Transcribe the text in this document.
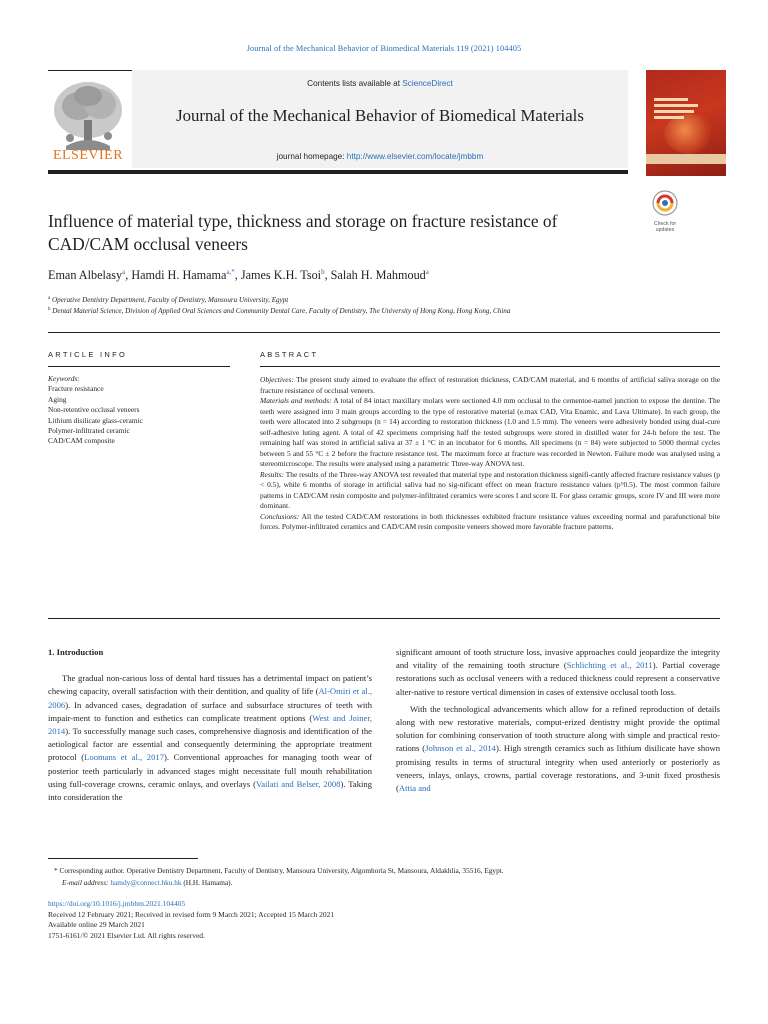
Journal of the Mechanical Behavior of Biomedical Materials 119 (2021) 104405
ELSEVIER
Contents lists available at ScienceDirect
Journal of the Mechanical Behavior of Biomedical Materials
journal homepage: http://www.elsevier.com/locate/jmbbm
Influence of material type, thickness and storage on fracture resistance of
CAD/CAM occlusal veneers
Check for
updates
Eman Albelasy$^a$, Hamdi H. Hamama$^{a,*}$, James K.H. Tsoi$^b$, Salah H. Mahmoud$^a$
$^a$ Operative Dentistry Department, Faculty of Dentistry, Mansoura University, Egypt
$^b$ Dental Material Science, Division of Applied Oral Sciences and Community Dental Care, Faculty of Dentistry, The University of Hong Kong, Hong Kong, China
ARTICLE INFO	ABSTRACT
Keywords:
Fracture resistance
Aging
Non-retentive occlusal veneers
Lithium disilicate glass-ceramic
Polymer-infiltrated ceramic
CAD/CAM composite
Objectives: The present study aimed to evaluate the effect of restoration thickness, CAD/CAM material, and 6 months of artificial saliva storage on the fracture resistance of occlusal veneers.
Materials and methods: A total of 84 intact maxillary molars were sectioned 4.0 mm occlusal to the cementoe-namel junction to expose the dentine. The teeth were assigned into 3 main groups according to the type of restorative material (e.max CAD, Vita Enamic, and Lava Ultimate). In each group, the teeth were allocated into 2 subgroups (n = 14) according to restoration thickness (1.0 and 1.5 mm). The veneers were adhesively bonded using dual-cure self-adhesive luting agent. A total of 42 specimens comprising half the tested subgroups were stored in distilled water for 24-h before the test. The remaining half was stored in artificial saliva at 37 ± 1 °C in an incubator for 6 months. All specimens (n = 84) were subjected to 5000 thermal cycles between 5 and 55 °C ± 2 before the fracture resistance test. The maximum force at fracture was recorded in Newton. Failure mode was analysed using a stereomicroscope. The results were analysed using a parametric Three-way ANOVA test.
Results: The results of the Three-way ANOVA test revealed that material type and restoration thickness signifi-cantly affected fracture resistance values (p < 0.5), while 6 months of storage in artificial saliva had no sig-nificant effect on mean fracture resistance values (p°0.5). The most common failure patterns in CAD/CAM resin composite and polymer-infiltrated ceramics were scores I and score II. For glass ceramic groups, score IV and III were more dominant.
Conclusions: All the tested CAD/CAM restorations in both thicknesses exhibited fracture resistance values exceeding normal and parafunctional bite forces. Polymer-infiltrated ceramics and CAD/CAM resin composite veneers showed more favorable fracture patterns.

1. Introduction

The gradual non-carious loss of dental hard tissues has a detrimental impact on patient’s chewing capacity, overall satisfaction with their dentition, and quality of life (Al-Omiri et al., 2006). In advanced cases, degradation of surface and subsurface structures of teeth with impair-ment to function and esthetics can complicate treatment options (West and Joiner, 2014). To successfully manage such cases, comprehensive diagnosis and identification of the aetiological factor are essential and consequently determining the appropriate treatment protocol (Loomans et al., 2017). Conventional approaches for managing tooth wear of posterior teeth particularly in advanced stages might necessitate full mouth rehabilitation using full-coverage crowns, ceramic onlays, and overlays (Vailati and Belser, 2008). Taking into consideration the

significant amount of tooth structure loss, invasive approaches could jeopardize the integrity and vitality of the remaining tooth structure (Schlichting et al., 2011). Partial coverage restorations such as occlusal veneers with a reduced thickness could represent a conservative alter-native to restore vertical dimension in cases of extensive occlusal tooth loss.

With the technological advancements which allow for a refined reproduction of details along with new restorative materials, comput-erized dentistry might provide the optimal solution for combining conservation of tooth structure along with simple and practical resto-rations (Johnson et al., 2014). High strength ceramics such as lithium disilicate have shown promising results in terms of structural integrity when used anteriorly or posteriorly as veneers, inlays, onlays, crowns, partial coverage restorations, and 3-unit fixed prosthesis (Attia and

* Corresponding author. Operative Dentistry Department, Faculty of Dentistry, Mansoura University, Algomhoria St, Mansoura, Aldakhlia, 35516, Egypt.
E-mail address: hamdy@connect.hku.hk (H.H. Hamama).
https://doi.org/10.1016/j.jmbbm.2021.104405
Received 12 February 2021; Received in revised form 9 March 2021; Accepted 15 March 2021
Available online 29 March 2021
1751-6161/© 2021 Elsevier Ltd. All rights reserved.
